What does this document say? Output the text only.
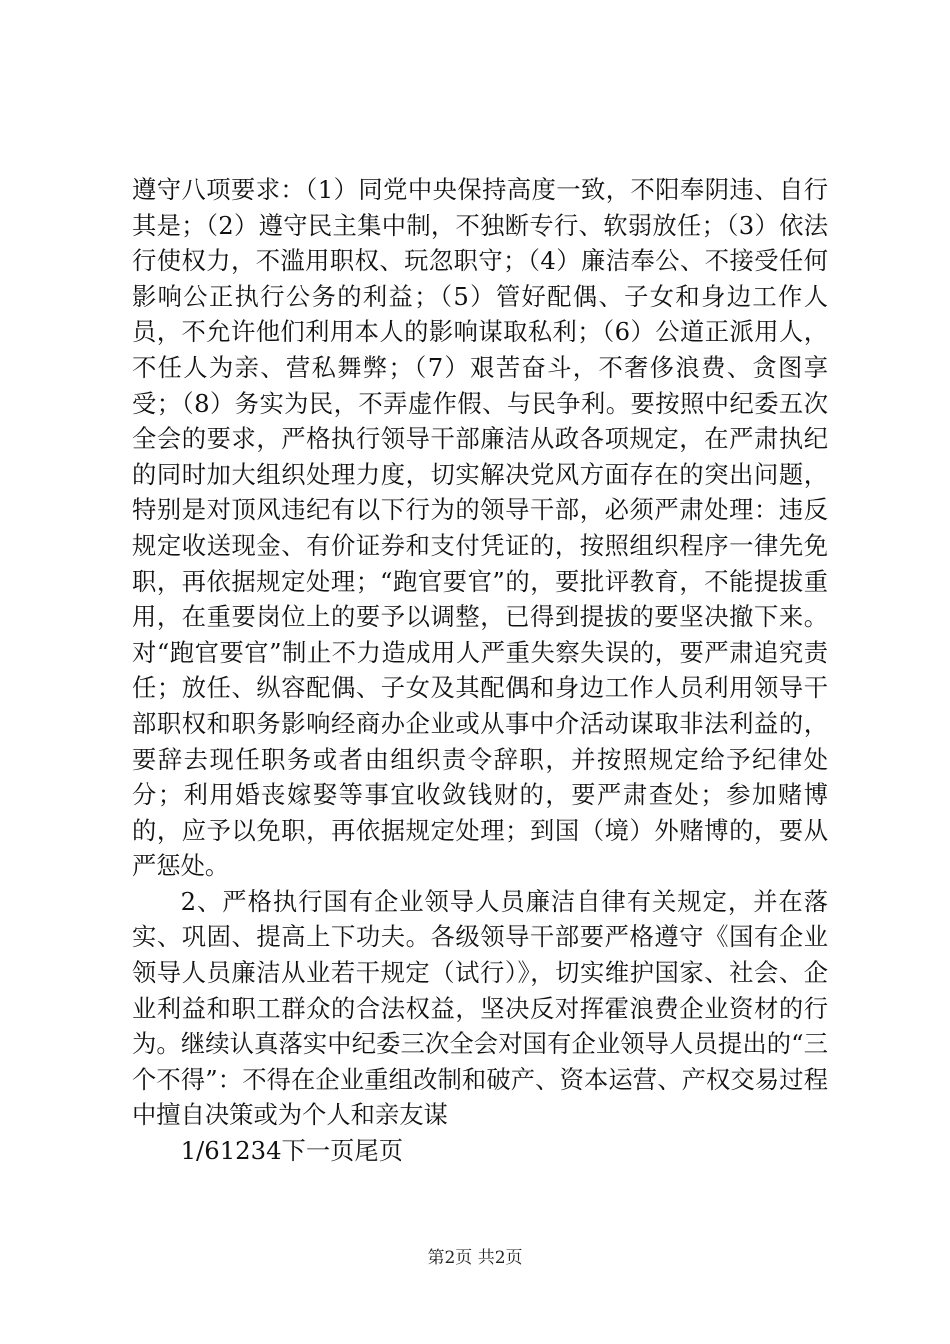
遵守八项要求：（1）同党中央保持高度一致，不阳奉阴违、自行其是；（2）遵守民主集中制，不独断专行、软弱放任；（3）依法行使权力，不滥用职权、玩忽职守；（4）廉洁奉公、不接受任何影响公正执行公务的利益；（5）管好配偶、子女和身边工作人员，不允许他们利用本人的影响谋取私利；（6）公道正派用人，不任人为亲、营私舞弊；（7）艰苦奋斗，不奢侈浪费、贪图享受；（8）务实为民，不弄虚作假、与民争利。要按照中纪委五次全会的要求，严格执行领导干部廉洁从政各项规定，在严肃执纪的同时加大组织处理力度，切实解决党风方面存在的突出问题，特别是对顶风违纪有以下行为的领导干部，必须严肃处理：违反规定收送现金、有价证券和支付凭证的，按照组织程序一律先免职，再依据规定处理；“跑官要官”的，要批评教育，不能提拔重用，在重要岗位上的要予以调整，已得到提拔的要坚决撤下来。对“跑官要官”制止不力造成用人严重失察失误的，要严肃追究责任；放任、纵容配偶、子女及其配偶和身边工作人员利用领导干部职权和职务影响经商办企业或从事中介活动谋取非法利益的，要辞去现任职务或者由组织责令辞职，并按照规定给予纪律处分；利用婚丧嫁娶等事宜收敛钱财的，要严肃查处；参加赌博的，应予以免职，再依据规定处理；到国（境）外赌博的，要从严惩处。

2、严格执行国有企业领导人员廉洁自律有关规定，并在落实、巩固、提高上下功夫。各级领导干部要严格遵守《国有企业领导人员廉洁从业若干规定（试行）》，切实维护国家、社会、企业利益和职工群众的合法权益，坚决反对挥霍浪费企业资材的行为。继续认真落实中纪委三次全会对国有企业领导人员提出的“三个不得”：不得在企业重组改制和破产、资本运营、产权交易过程中擅自决策或为个人和亲友谋

1/61234下一页尾页

第2页 共2页
